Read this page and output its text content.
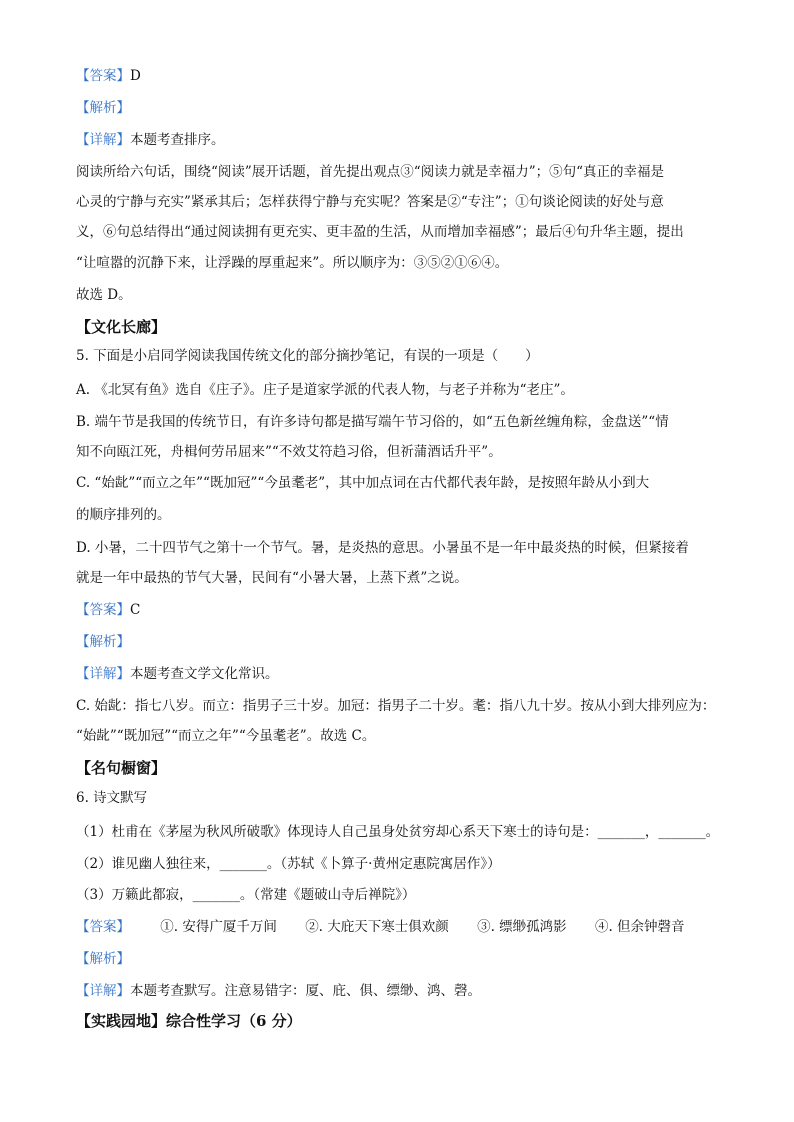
【答案】D
【解析】
【详解】本题考查排序。
阅读所给六句话，围绕“阅读”展开话题，首先提出观点③“阅读力就是幸福力”；⑤句“真正的幸福是
心灵的宁静与充实”紧承其后；怎样获得宁静与充实呢？答案是②“专注”；①句谈论阅读的好处与意
义，⑥句总结得出“通过阅读拥有更充实、更丰盈的生活，从而增加幸福感”；最后④句升华主题，提出
“让喧嚣的沉静下来，让浮躁的厚重起来”。所以顺序为：③⑤②①⑥④。
故选 D。
【文化长廊】
5. 下面是小启同学阅读我国传统文化的部分摘抄笔记，有误的一项是（　　）
A. 《北冥有鱼》选自《庄子》。庄子是道家学派的代表人物，与老子并称为“老庄”。
B. 端午节是我国的传统节日，有许多诗句都是描写端午节习俗的，如“五色新丝缠角粽，金盘送”“情
知不向瓯江死，舟楫何劳吊屈来”“不效艾符趋习俗，但祈蒲酒话升平”。
C. “始龀”“而立之年”“既加冠”“今虽耄老”，其中加点词在古代都代表年龄，是按照年龄从小到大
的顺序排列的。
D. 小暑，二十四节气之第十一个节气。暑，是炎热的意思。小暑虽不是一年中最炎热的时候，但紧接着
就是一年中最热的节气大暑，民间有“小暑大暑，上蒸下煮”之说。
【答案】C
【解析】
【详解】本题考查文学文化常识。
C. 始龀：指七八岁。而立：指男子三十岁。加冠：指男子二十岁。耄：指八九十岁。按从小到大排列应为：
“始龀”“既加冠”“而立之年”“今虽耄老”。故选 C。
【名句橱窗】
6. 诗文默写
（1）杜甫在《茅屋为秋风所破歌》体现诗人自己虽身处贫穷却心系天下寒士的诗句是：_______，_______。
（2）谁见幽人独往来，_______。（苏轼《卜算子·黄州定惠院寓居作》）
（3）万籁此都寂，_______。（常建《题破山寺后禅院》）
【答案】 ①. 安得广厦千万间 ②. 大庇天下寒士俱欢颜 ③. 缥缈孤鸿影 ④. 但余钟磬音
【解析】
【详解】本题考查默写。注意易错字：厦、庇、俱、缥缈、鸿、磬。
【实践园地】综合性学习（6 分）
